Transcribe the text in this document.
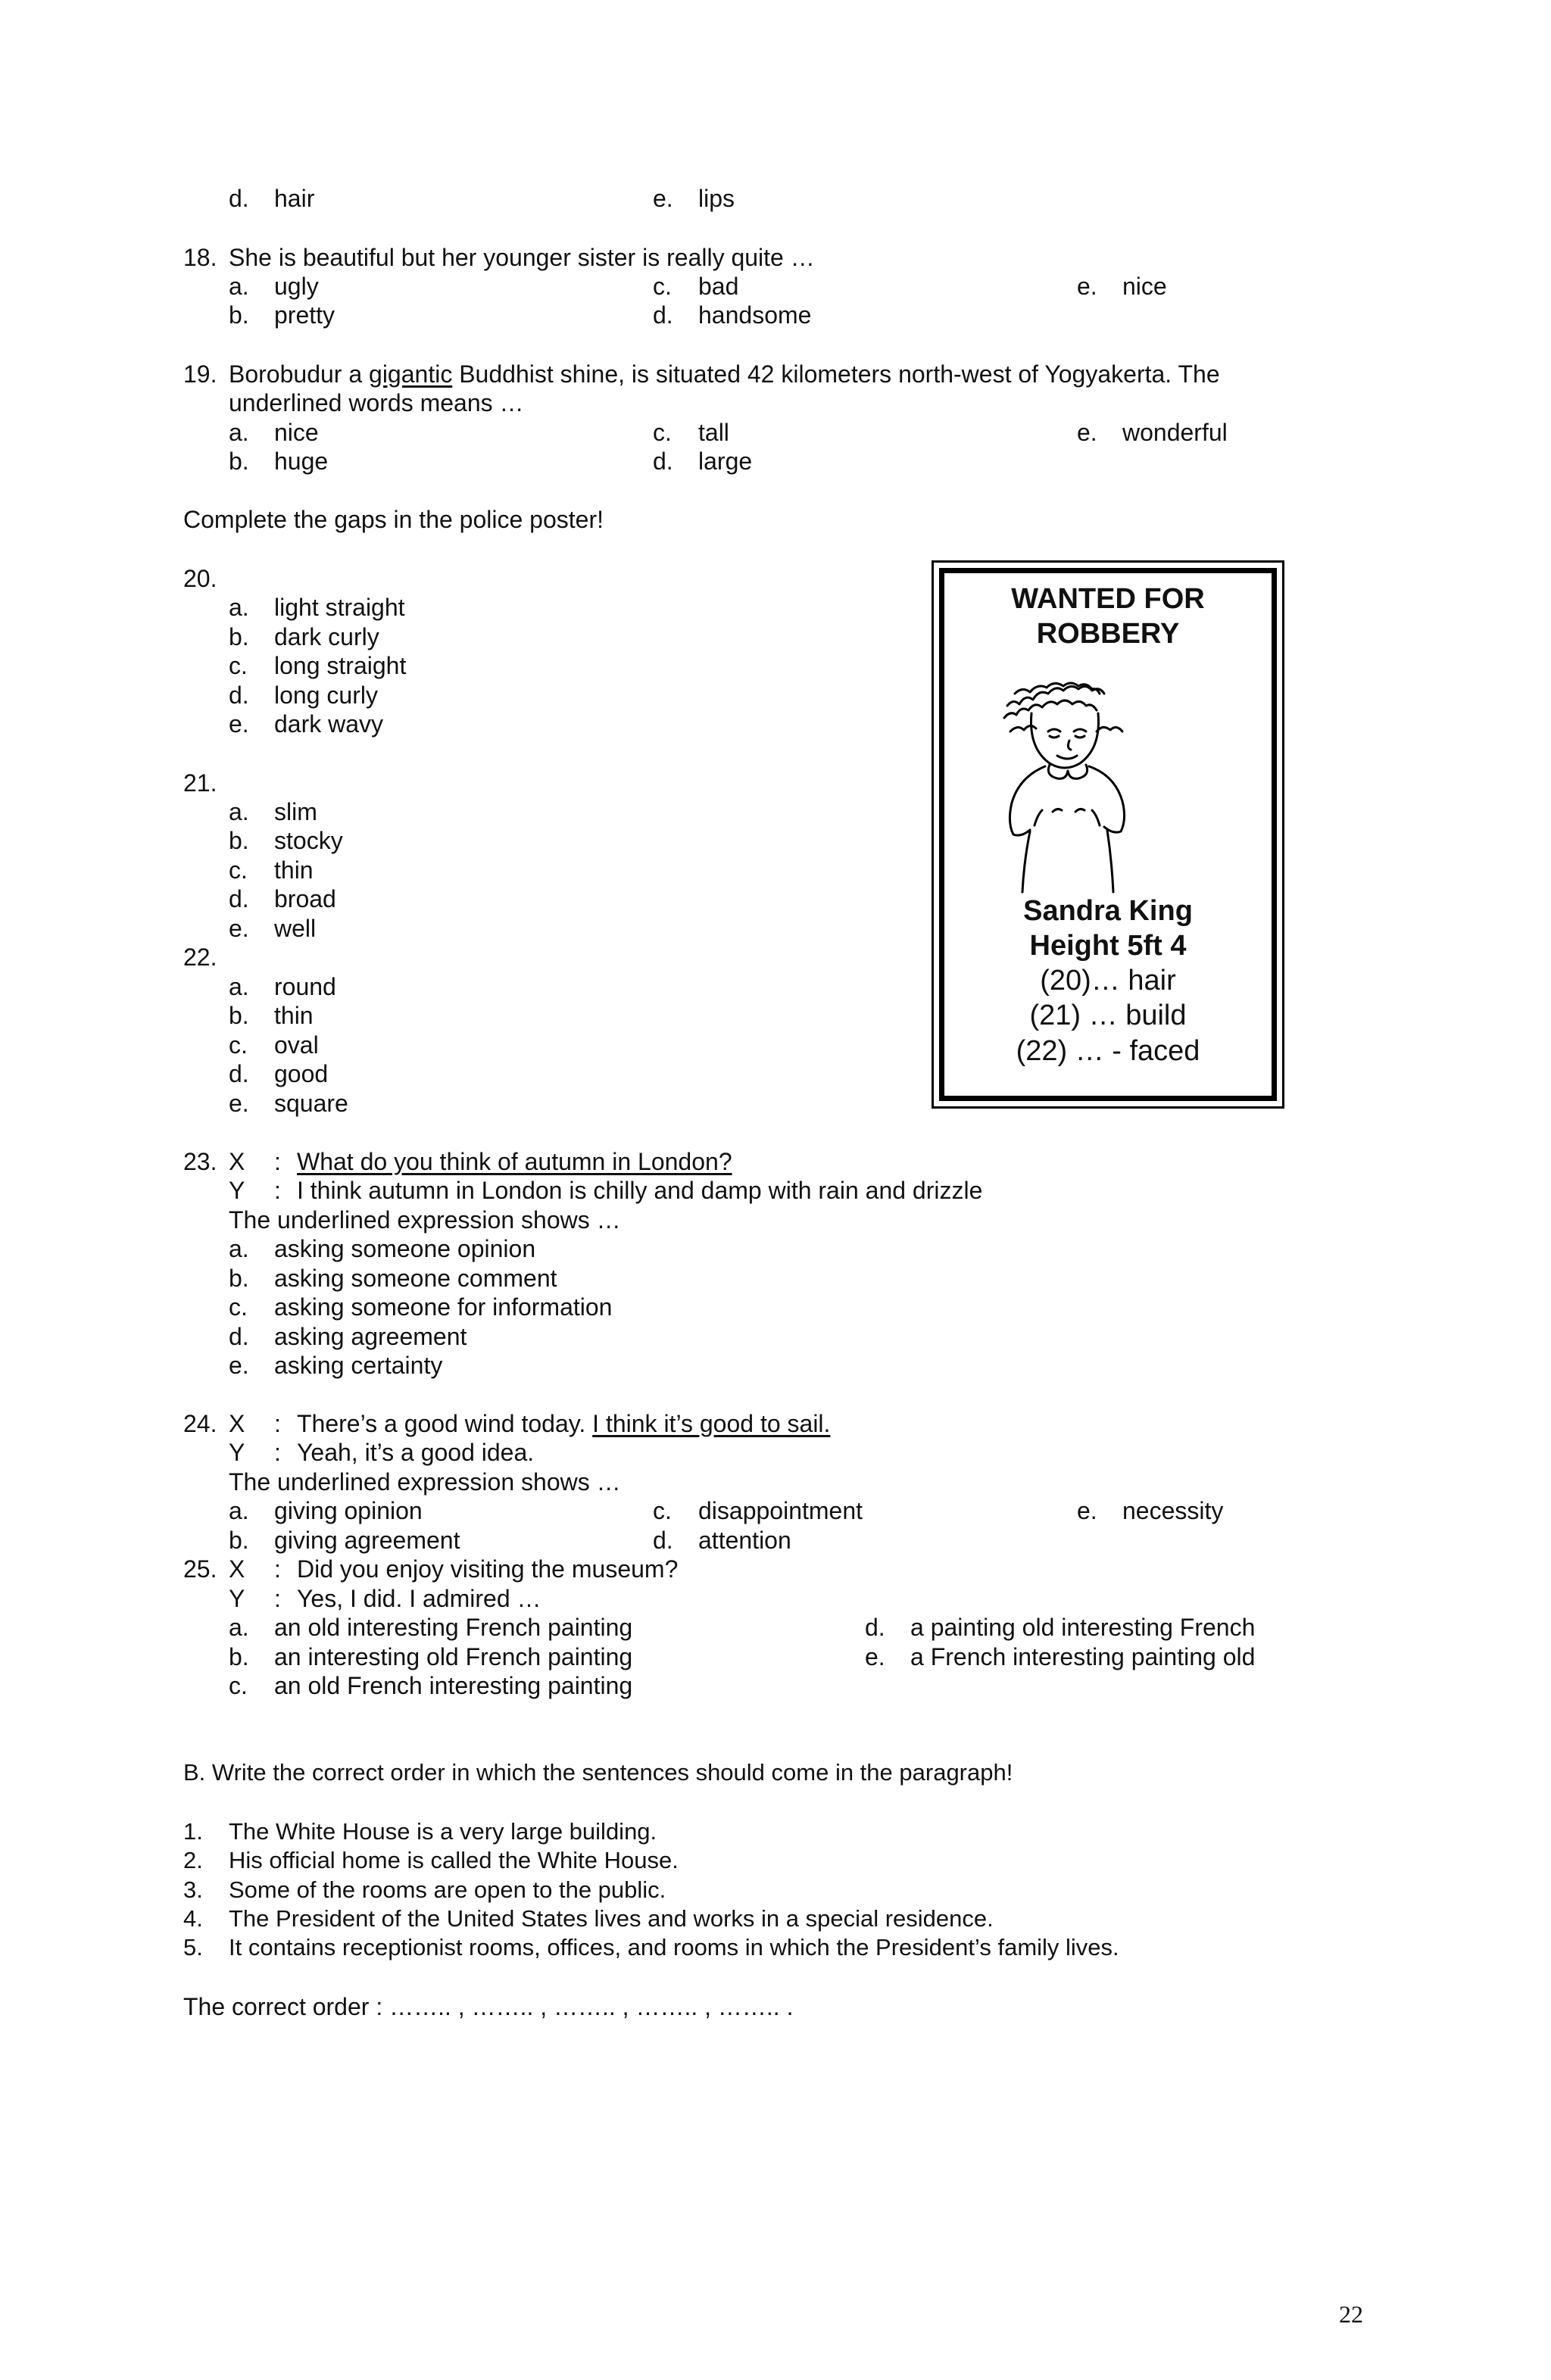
d. hair	e. lips
18. She is beautiful but her younger sister is really quite …
a. ugly	c. bad	e. nice
b. pretty	d. handsome
19. Borobudur a gigantic Buddhist shine, is situated 42 kilometers north-west of Yogyakerta. The
underlined words means …
a. nice	c. tall	e. wonderful
b. huge	d. large
Complete the gaps in the police poster!
20.
a. light straight
b. dark curly
c. long straight
d. long curly
e. dark wavy
21.
a. slim
b. stocky
c. thin
d. broad
e. well
22.
a. round
b. thin
c. oval
d. good
e. square
WANTED FOR
ROBBERY
Sandra King
Height 5ft 4
(20)… hair
(21) … build
(22) … - faced
23. X : What do you think of autumn in London?
Y : I think autumn in London is chilly and damp with rain and drizzle
The underlined expression shows …
a. asking someone opinion
b. asking someone comment
c. asking someone for information
d. asking agreement
e. asking certainty
24. X : There’s a good wind today. I think it’s good to sail.
Y : Yeah, it’s a good idea.
The underlined expression shows …
a. giving opinion	c. disappointment	e. necessity
b. giving agreement	d. attention
25. X : Did you enjoy visiting the museum?
Y : Yes, I did. I admired …
a. an old interesting French painting	d. a painting old interesting French
b. an interesting old French painting	e. a French interesting painting old
c. an old French interesting painting
B. Write the correct order in which the sentences should come in the paragraph!
1. The White House is a very large building.
2. His official home is called the White House.
3. Some of the rooms are open to the public.
4. The President of the United States lives and works in a special residence.
5. It contains receptionist rooms, offices, and rooms in which the President’s family lives.
The correct order : …….. , …….. , …….. , …….. , …….. .
22
